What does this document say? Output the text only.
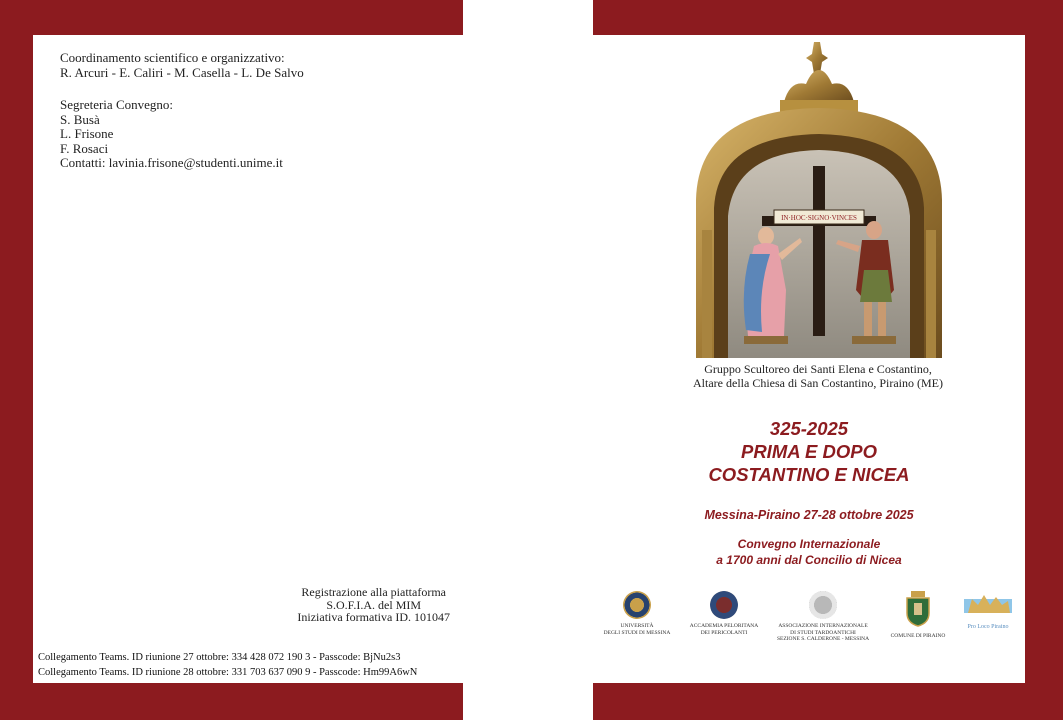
Coordinamento scientifico e organizzativo:
R. Arcuri - E. Caliri - M. Casella - L. De Salvo
Segreteria Convegno:
S. Busà
L. Frisone
F. Rosaci
Contatti: lavinia.frisone@studenti.unime.it
Registrazione alla piattaforma
S.O.F.I.A. del MIM
Iniziativa formativa ID. 101047
Collegamento Teams. ID riunione 27 ottobre: 334 428 072 190 3 - Passcode: BjNu2s3
Collegamento Teams. ID riunione 28 ottobre: 331 703 637 090 9 - Passcode: Hm99A6wN
IN·HOC·SIGNO·VINCES
Gruppo Scultoreo dei Santi Elena e Costantino,
Altare della Chiesa di San Costantino, Piraino (ME)
325-2025
PRIMA E DOPO
COSTANTINO E NICEA
Messina-Piraino 27-28 ottobre 2025
Convegno Internazionale
a 1700 anni dal Concilio di Nicea
UNIVERSITÀ
DEGLI STUDI DI MESSINA
ACCADEMIA PELORITANA
DEI PERICOLANTI
ASSOCIAZIONE INTERNAZIONALE
DI STUDI TARDOANTICHI
SEZIONE S. CALDERONE - MESSINA	COMUNE DI PIRAINO
Pro Loco Piraino
